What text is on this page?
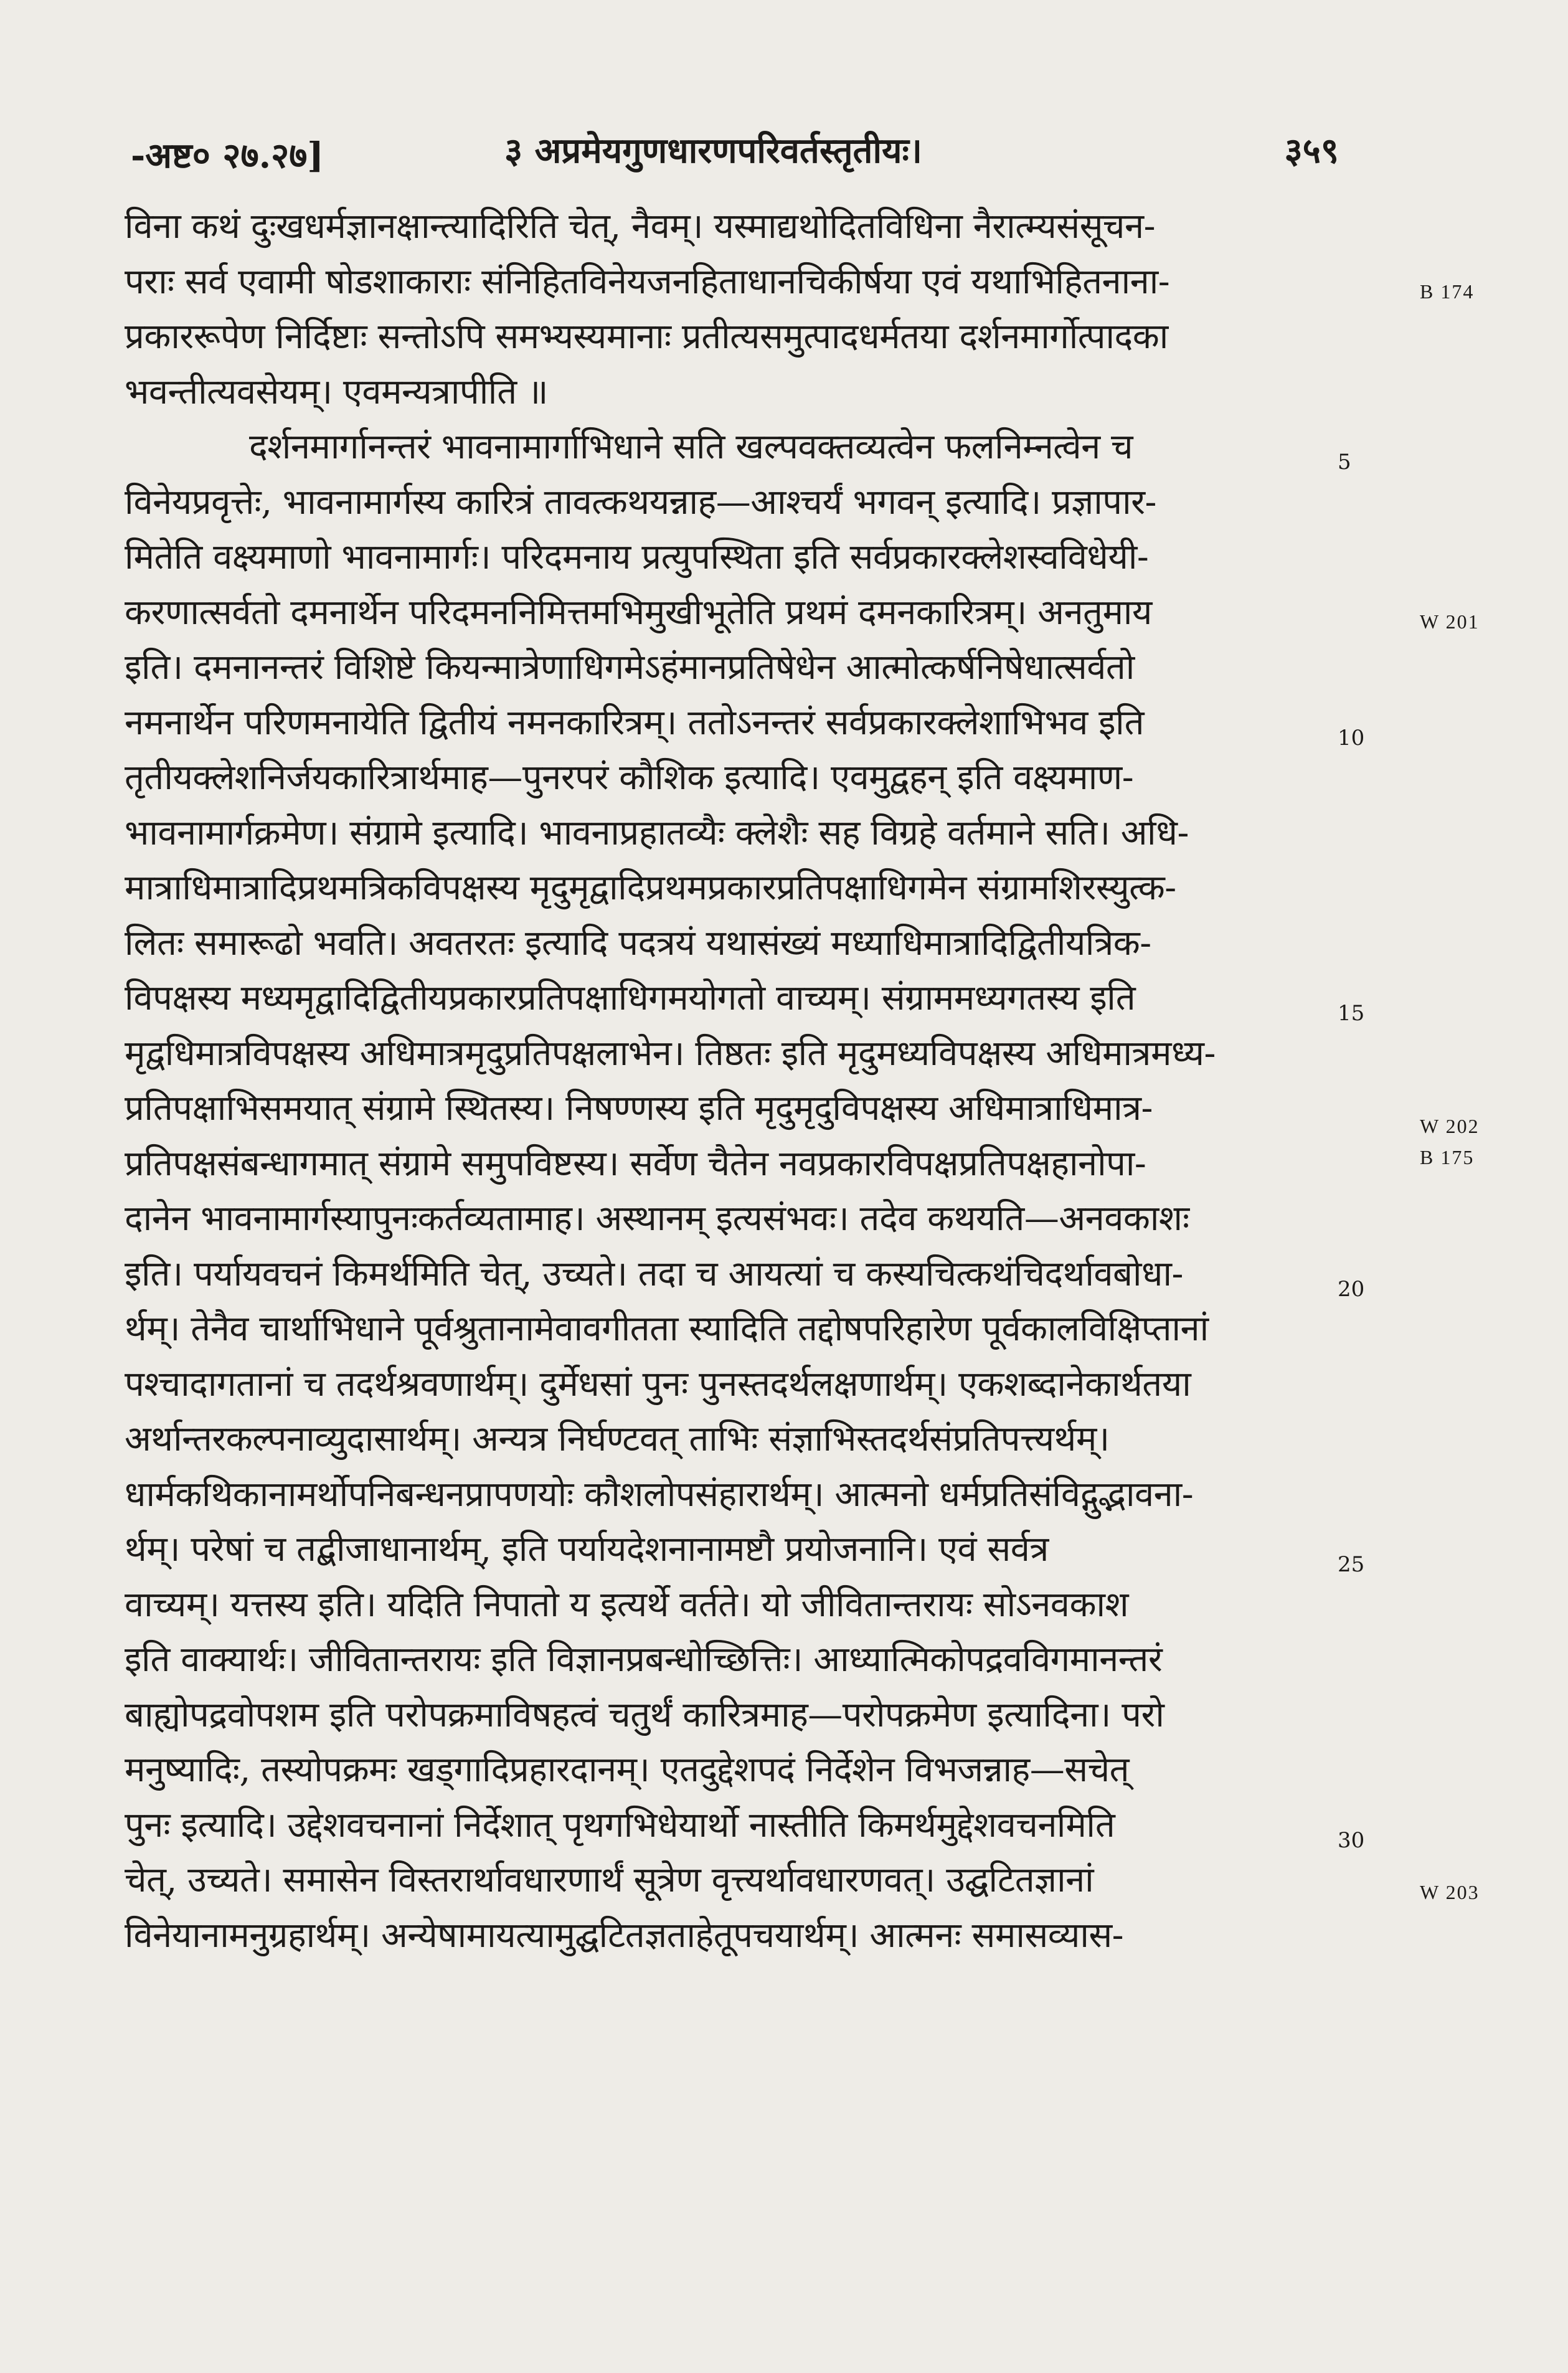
-अष्ट० २७.२७]	३ अप्रमेयगुणधारणपरिवर्तस्तृतीयः।	३५९
विना कथं दुःखधर्मज्ञानक्षान्त्यादिरिति चेत्, नैवम्। यस्माद्यथोदितविधिना नैरात्म्यसंसूचन-
पराः सर्व एवामी षोडशाकाराः संनिहितविनेयजनहिताधानचिकीर्षया एवं यथाभिहितनाना-
प्रकाररूपेण निर्दिष्टाः सन्तोऽपि समभ्यस्यमानाः प्रतीत्यसमुत्पादधर्मतया दर्शनमार्गोत्पादका
भवन्तीत्यवसेयम्। एवमन्यत्रापीति ॥
दर्शनमार्गानन्तरं भावनामार्गाभिधाने सति खल्पवक्तव्यत्वेन फलनिम्नत्वेन च
विनेयप्रवृत्तेः, भावनामार्गस्य कारित्रं तावत्कथयन्नाह—आश्चर्यं भगवन् इत्यादि। प्रज्ञापार-
मितेति वक्ष्यमाणो भावनामार्गः। परिदमनाय प्रत्युपस्थिता इति सर्वप्रकारक्लेशस्वविधेयी-
करणात्सर्वतो दमनार्थेन परिदमननिमित्तमभिमुखीभूतेति प्रथमं दमनकारित्रम्। अनतुमाय
इति। दमनानन्तरं विशिष्टे कियन्मात्रेणाधिगमेऽहंमानप्रतिषेधेन आत्मोत्कर्षनिषेधात्सर्वतो
नमनार्थेन परिणमनायेति द्वितीयं नमनकारित्रम्। ततोऽनन्तरं सर्वप्रकारक्लेशाभिभव इति
तृतीयक्लेशनिर्जयकारित्रार्थमाह—पुनरपरं कौशिक इत्यादि। एवमुद्वहन् इति वक्ष्यमाण-
भावनामार्गक्रमेण। संग्रामे इत्यादि। भावनाप्रहातव्यैः क्लेशैः सह विग्रहे वर्तमाने सति। अधि-
मात्राधिमात्रादिप्रथमत्रिकविपक्षस्य मृदुमृद्वादिप्रथमप्रकारप्रतिपक्षाधिगमेन संग्रामशिरस्युत्क-
लितः समारूढो भवति। अवतरतः इत्यादि पदत्रयं यथासंख्यं मध्याधिमात्रादिद्वितीयत्रिक-
विपक्षस्य मध्यमृद्वादिद्वितीयप्रकारप्रतिपक्षाधिगमयोगतो वाच्यम्। संग्राममध्यगतस्य इति
मृद्वधिमात्रविपक्षस्य अधिमात्रमृदुप्रतिपक्षलाभेन। तिष्ठतः इति मृदुमध्यविपक्षस्य अधिमात्रमध्य-
प्रतिपक्षाभिसमयात् संग्रामे स्थितस्य। निषण्णस्य इति मृदुमृदुविपक्षस्य अधिमात्राधिमात्र-
प्रतिपक्षसंबन्धागमात् संग्रामे समुपविष्टस्य। सर्वेण चैतेन नवप्रकारविपक्षप्रतिपक्षहानोपा-
दानेन भावनामार्गस्यापुनःकर्तव्यतामाह। अस्थानम् इत्यसंभवः। तदेव कथयति—अनवकाशः
इति। पर्यायवचनं किमर्थमिति चेत्, उच्यते। तदा च आयत्यां च कस्यचित्कथंचिदर्थावबोधा-
र्थम्। तेनैव चार्थाभिधाने पूर्वश्रुतानामेवावगीतता स्यादिति तद्दोषपरिहारेण पूर्वकालविक्षिप्तानां
पश्चादागतानां च तदर्थश्रवणार्थम्। दुर्मेधसां पुनः पुनस्तदर्थलक्षणार्थम्। एकशब्दानेकार्थतया
अर्थान्तरकल्पनाव्युदासार्थम्। अन्यत्र निर्घण्टवत् ताभिः संज्ञाभिस्तदर्थसंप्रतिपत्त्यर्थम्।
धार्मकथिकानामर्थोपनिबन्धनप्रापणयोः कौशलोपसंहारार्थम्। आत्मनो धर्मप्रतिसंविद्गुद्भावना-
र्थम्। परेषां च तद्बीजाधानार्थम्, इति पर्यायदेशनानामष्टौ प्रयोजनानि। एवं सर्वत्र
वाच्यम्। यत्तस्य इति। यदिति निपातो य इत्यर्थे वर्तते। यो जीवितान्तरायः सोऽनवकाश
इति वाक्यार्थः। जीवितान्तरायः इति विज्ञानप्रबन्धोच्छित्तिः। आध्यात्मिकोपद्रवविगमानन्तरं
बाह्योपद्रवोपशम इति परोपक्रमाविषहत्वं चतुर्थं कारित्रमाह—परोपक्रमेण इत्यादिना। परो
मनुष्यादिः, तस्योपक्रमः खड्गादिप्रहारदानम्। एतदुद्देशपदं निर्देशेन विभजन्नाह—सचेत्
पुनः इत्यादि। उद्देशवचनानां निर्देशात् पृथगभिधेयार्थो नास्तीति किमर्थमुद्देशवचनमिति
चेत्, उच्यते। समासेन विस्तरार्थावधारणार्थं सूत्रेण वृत्त्यर्थावधारणवत्। उद्घटितज्ञानां
विनेयानामनुग्रहार्थम्। अन्येषामायत्यामुद्घटितज्ञताहेतूपचयार्थम्। आत्मनः समासव्यास-
5
10
15
20
25
30
B 174
W 201
W 202
B 175
W 203
